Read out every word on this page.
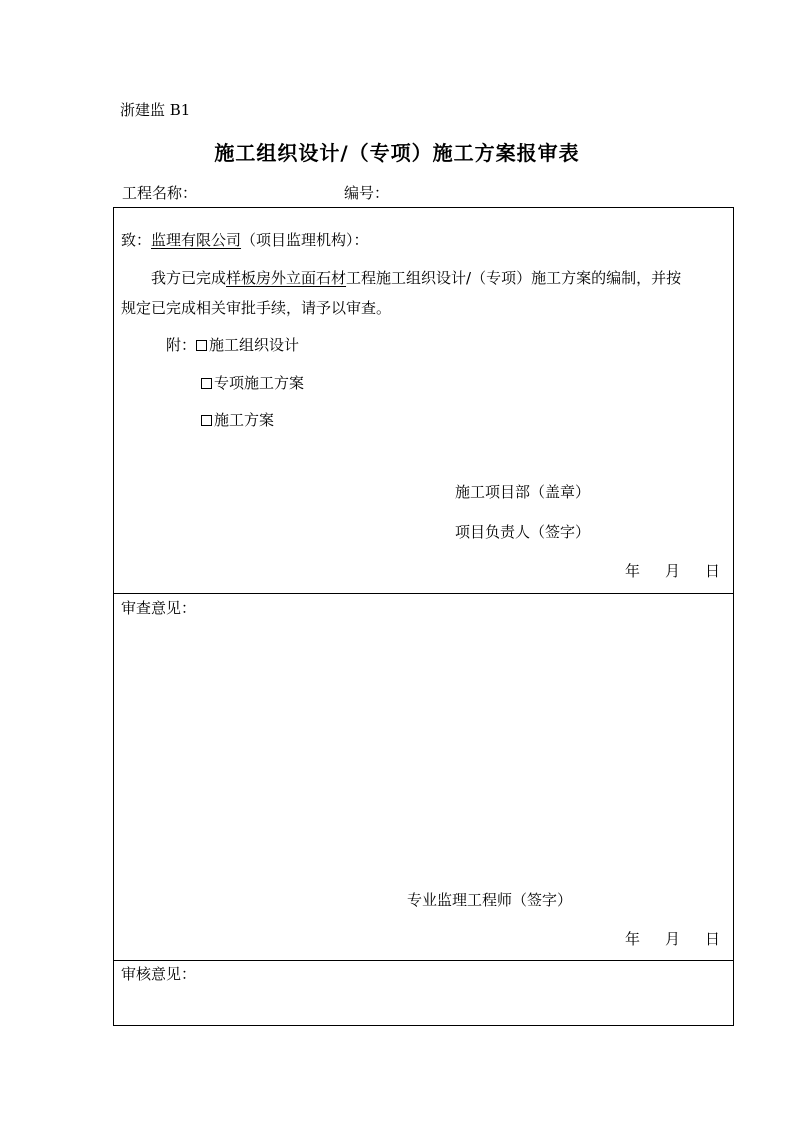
浙建监 B1
施工组织设计/（专项）施工方案报审表
工程名称：	编号：
致：监理有限公司（项目监理机构）：
我方已完成样板房外立面石材工程施工组织设计/（专项）施工方案的编制，并按
规定已完成相关审批手续，请予以审查。
附： 施工组织设计
专项施工方案
施工方案
施工项目部（盖章）
项目负责人（签字）
年 月 日
审查意见：
专业监理工程师（签字）
年 月 日
审核意见：
